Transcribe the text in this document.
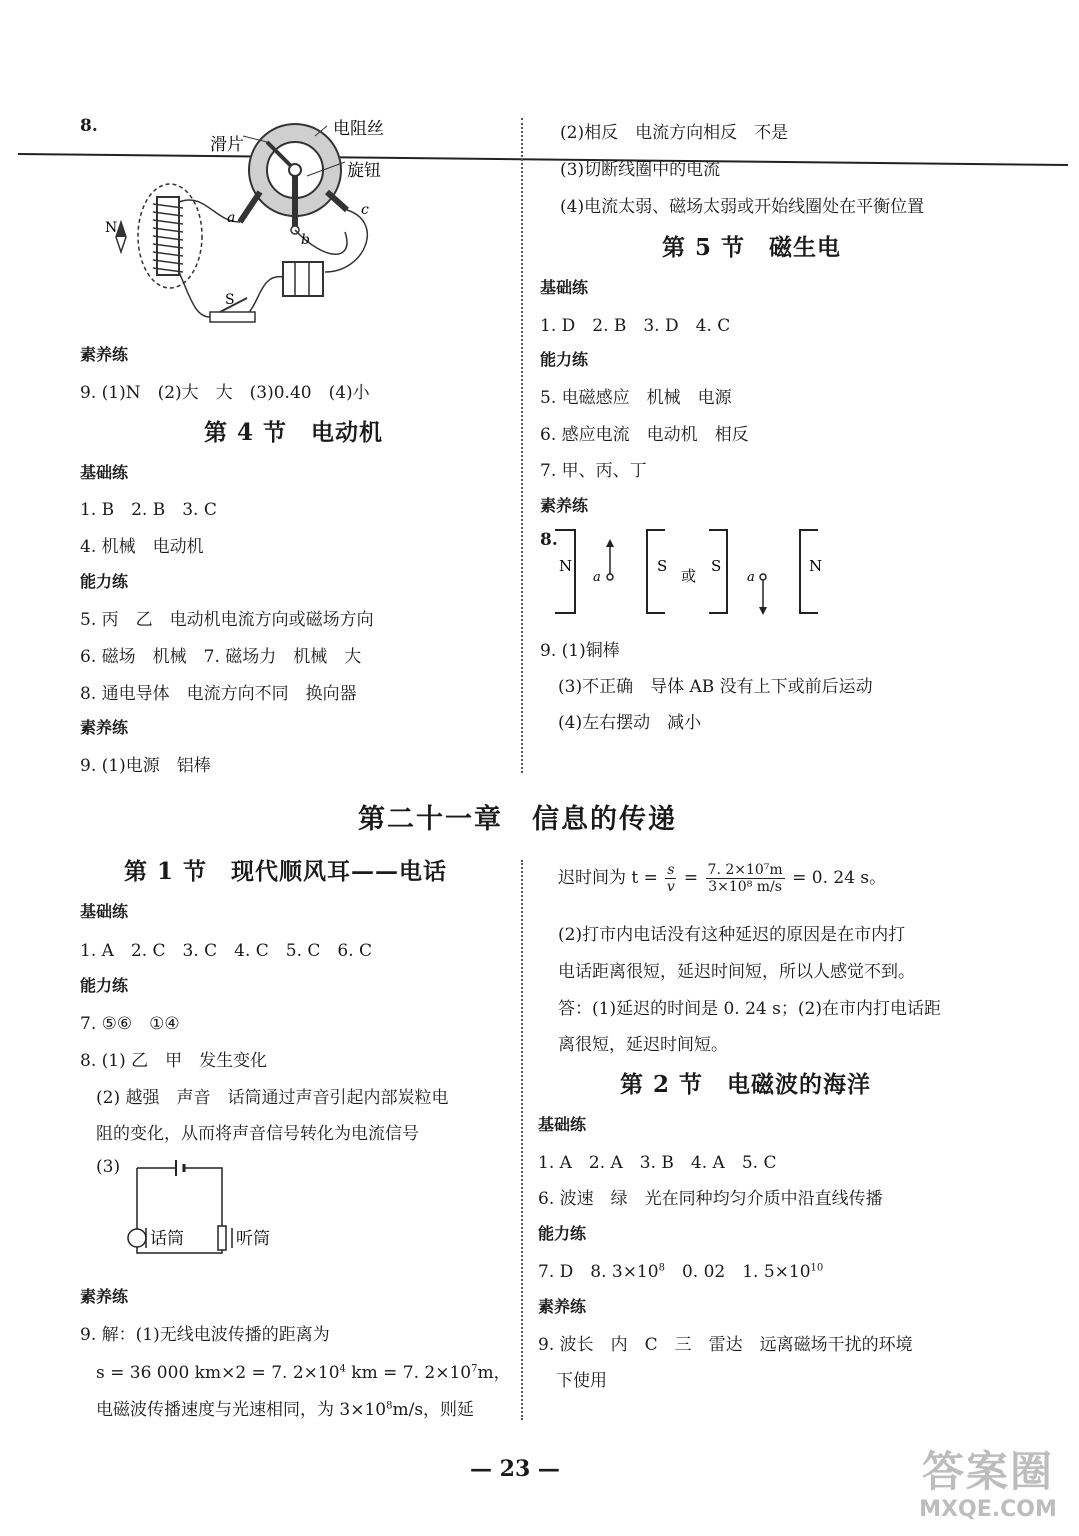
8.
滑片
电阻丝
旋钮
N
S
a
b
c
素养练
9. (1)N　(2)大　大　(3)0.40　(4)小
第 4 节　电动机
基础练
1. B　2. B　3. C
4. 机械　电动机
能力练
5. 丙　乙　电动机电流方向或磁场方向
6. 磁场　机械　7. 磁场力　机械　大
8. 通电导体　电流方向不同　换向器
素养练
9. (1)电源　铝棒
(2)相反　电流方向相反　不是
(3)切断线圈中的电流
(4)电流太弱、磁场太弱或开始线圈处在平衡位置
第 5 节　磁生电
基础练
1. D　2. B　3. D　4. C
能力练
5. 电磁感应　机械　电源
6. 感应电流　电动机　相反
7. 甲、丙、丁
素养练
8.
N
a
S
或
S
a
N
9. (1)铜棒
(3)不正确　导体 AB 没有上下或前后运动
(4)左右摆动　减小
第二十一章　信息的传递
第 1 节　现代顺风耳——电话
基础练
1. A　2. C　3. C　4. C　5. C　6. C
能力练
7. ⑤⑥　①④
8. (1) 乙　甲　发生变化
(2) 越强　声音　话筒通过声音引起内部炭粒电
阻的变化，从而将声音信号转化为电流信号
(3)
话筒	听筒
素养练
9. 解：(1)无线电波传播的距离为
s = 36 000 km×2 = 7. $2\times 10^4$ km = 7. $2\times 10^7m$，
电磁波传播速度与光速相同，为 $3\times 10^8m/s$，则延
迟时间为 $t = \frac{s}{v} = \frac{\text{7. 2×10⁷m}}{\text{3×10⁸ m/s}} = 0$. 24 s。
(2)打市内电话没有这种延迟的原因是在市内打
电话距离很短，延迟时间短，所以人感觉不到。
答：(1)延迟的时间是 0. 24 s；(2)在市内打电话距
离很短，延迟时间短。
第 2 节　电磁波的海洋
基础练
1. A　2. A　3. B　4. A　5. C
6. 波速　绿　光在同种均匀介质中沿直线传播
能力练
7. D　8. $3\times 10^8$　0. 02　1. $5\times 10^{10}$
素养练
9. 波长　内　C　三　雷达　远离磁场干扰的环境
下使用
— 23 —	答案圈
MXQE.COM
